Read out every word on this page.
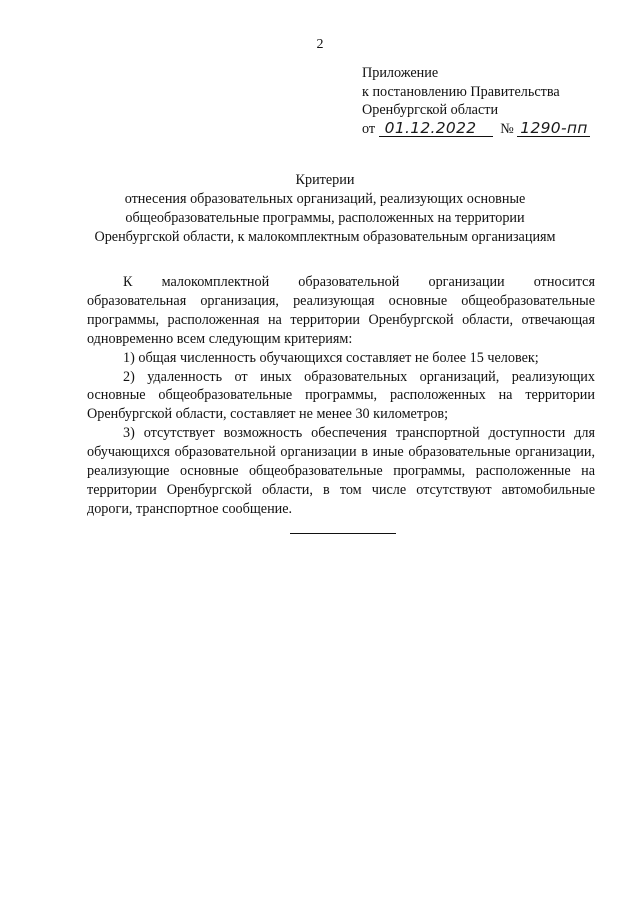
2
Приложение
к постановлению Правительства
Оренбургской области
от 01.12.2022 № 1290-пп
Критерии
отнесения образовательных организаций, реализующих основные
общеобразовательные программы, расположенных на территории
Оренбургской области, к малокомплектным образовательным организациям

К малокомплектной образовательной организации относится образовательная организация, реализующая основные общеобразовательные программы, расположенная на территории Оренбургской области, отвечающая одновременно всем следующим критериям:

1) общая численность обучающихся составляет не более 15 человек;

2) удаленность от иных образовательных организаций, реализующих основные общеобразовательные программы, расположенных на территории Оренбургской области, составляет не менее 30 километров;

3) отсутствует возможность обеспечения транспортной доступности для обучающихся образовательной организации в иные образовательные организации, реализующие основные общеобразовательные программы, расположенные на территории Оренбургской области, в том числе отсутствуют автомобильные дороги, транспортное сообщение.
